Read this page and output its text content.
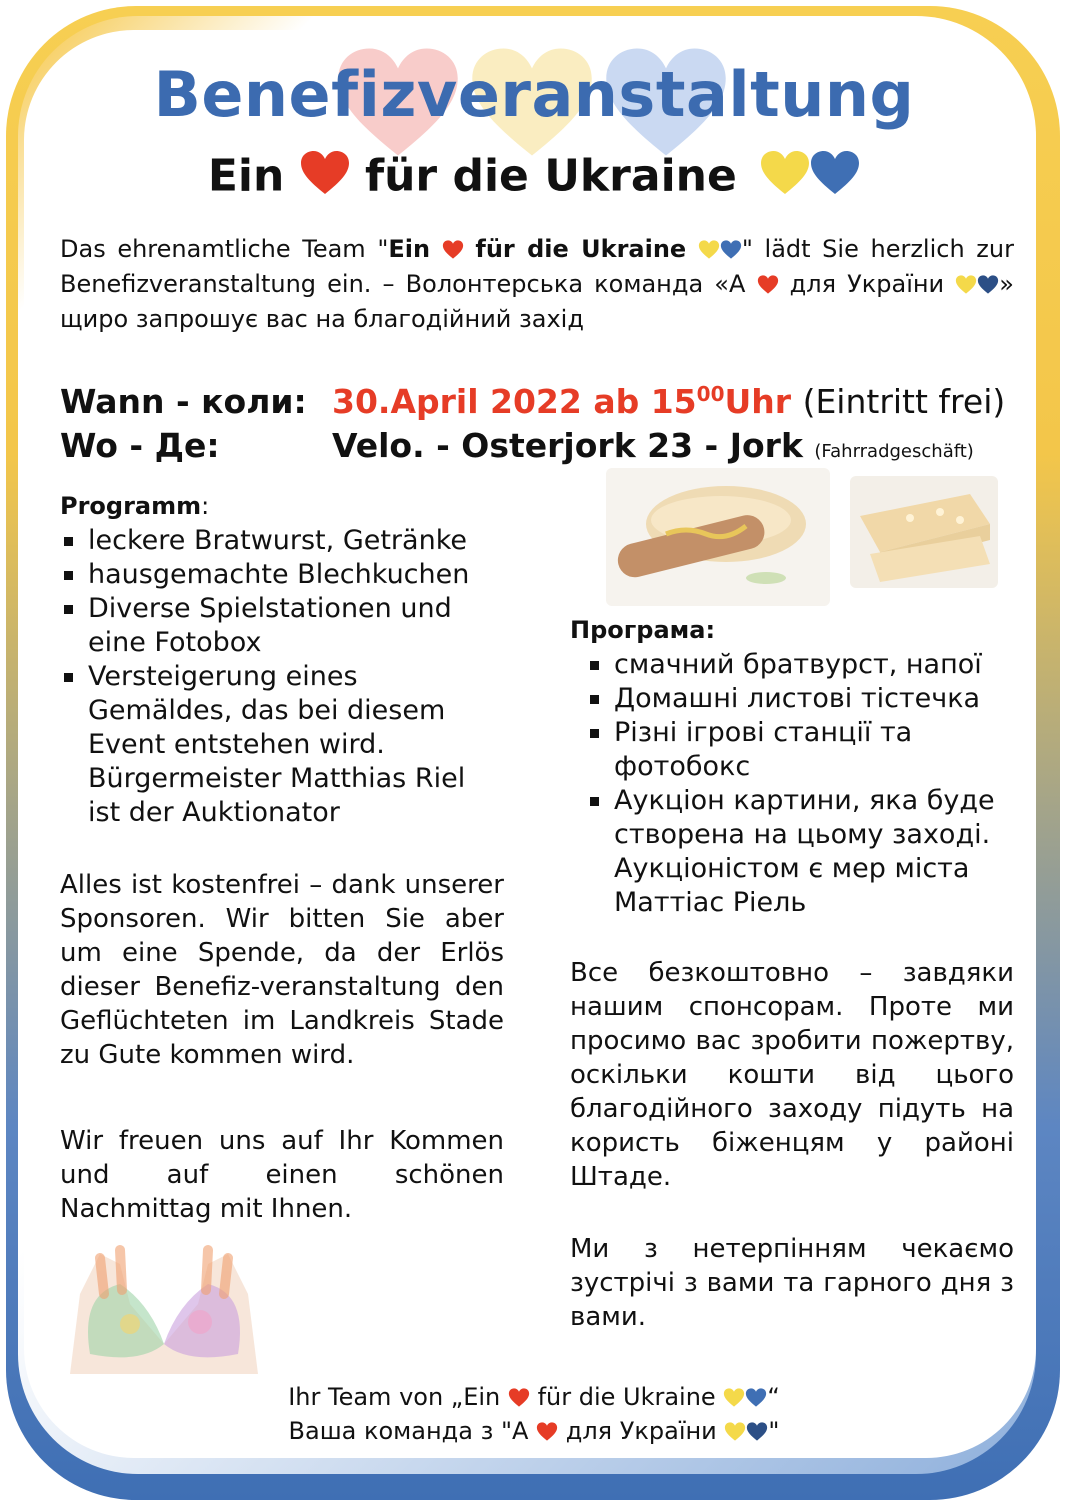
Benefizveranstaltung
Ein für die Ukraine
Das ehrenamtliche Team "Ein für die Ukraine " lädt Sie herzlich zur Benefizveranstaltung ein. – Волонтерська команда «А для України » щиро запрошує вас на благодійний захід
Wann - коли: 30.April 2022 ab $15^{00}Uhr$ (Eintritt frei)
Wo - Де:	Velo. - Osterjork 23 - Jork (Fahrradgeschäft)
Programm:
leckere Bratwurst, Getränke
hausgemachte Blechkuchen
Diverse Spielstationen und eine Fotobox
Versteigerung eines Gemäldes, das bei diesem Event entstehen wird. Bürgermeister Matthias Riel ist der Auktionator
Alles ist kostenfrei – dank unserer Sponsoren. Wir bitten Sie aber um eine Spende, da der Erlös dieser Benefiz-veranstaltung den Geflüchteten im Landkreis Stade zu Gute kommen wird.
Wir freuen uns auf Ihr Kommen und auf einen schönen Nachmittag mit Ihnen.
Програма:
смачний братвурст, напої
Домашні листові тістечка
Різні ігрові станції та фотобокс
Аукціон картини, яка буде створена на цьому заході. Аукціоністом є мер міста Маттіас Ріель
Все безкоштовно – завдяки нашим спонсорам. Проте ми просимо вас зробити пожертву, оскільки кошти від цього благодійного заходу підуть на користь біженцям у районі Штаде.
Ми з нетерпінням чекаємо зустрічі з вами та гарного дня з вами.
Ihr Team von „Ein für die Ukraine “
Ваша команда з "А для України "
